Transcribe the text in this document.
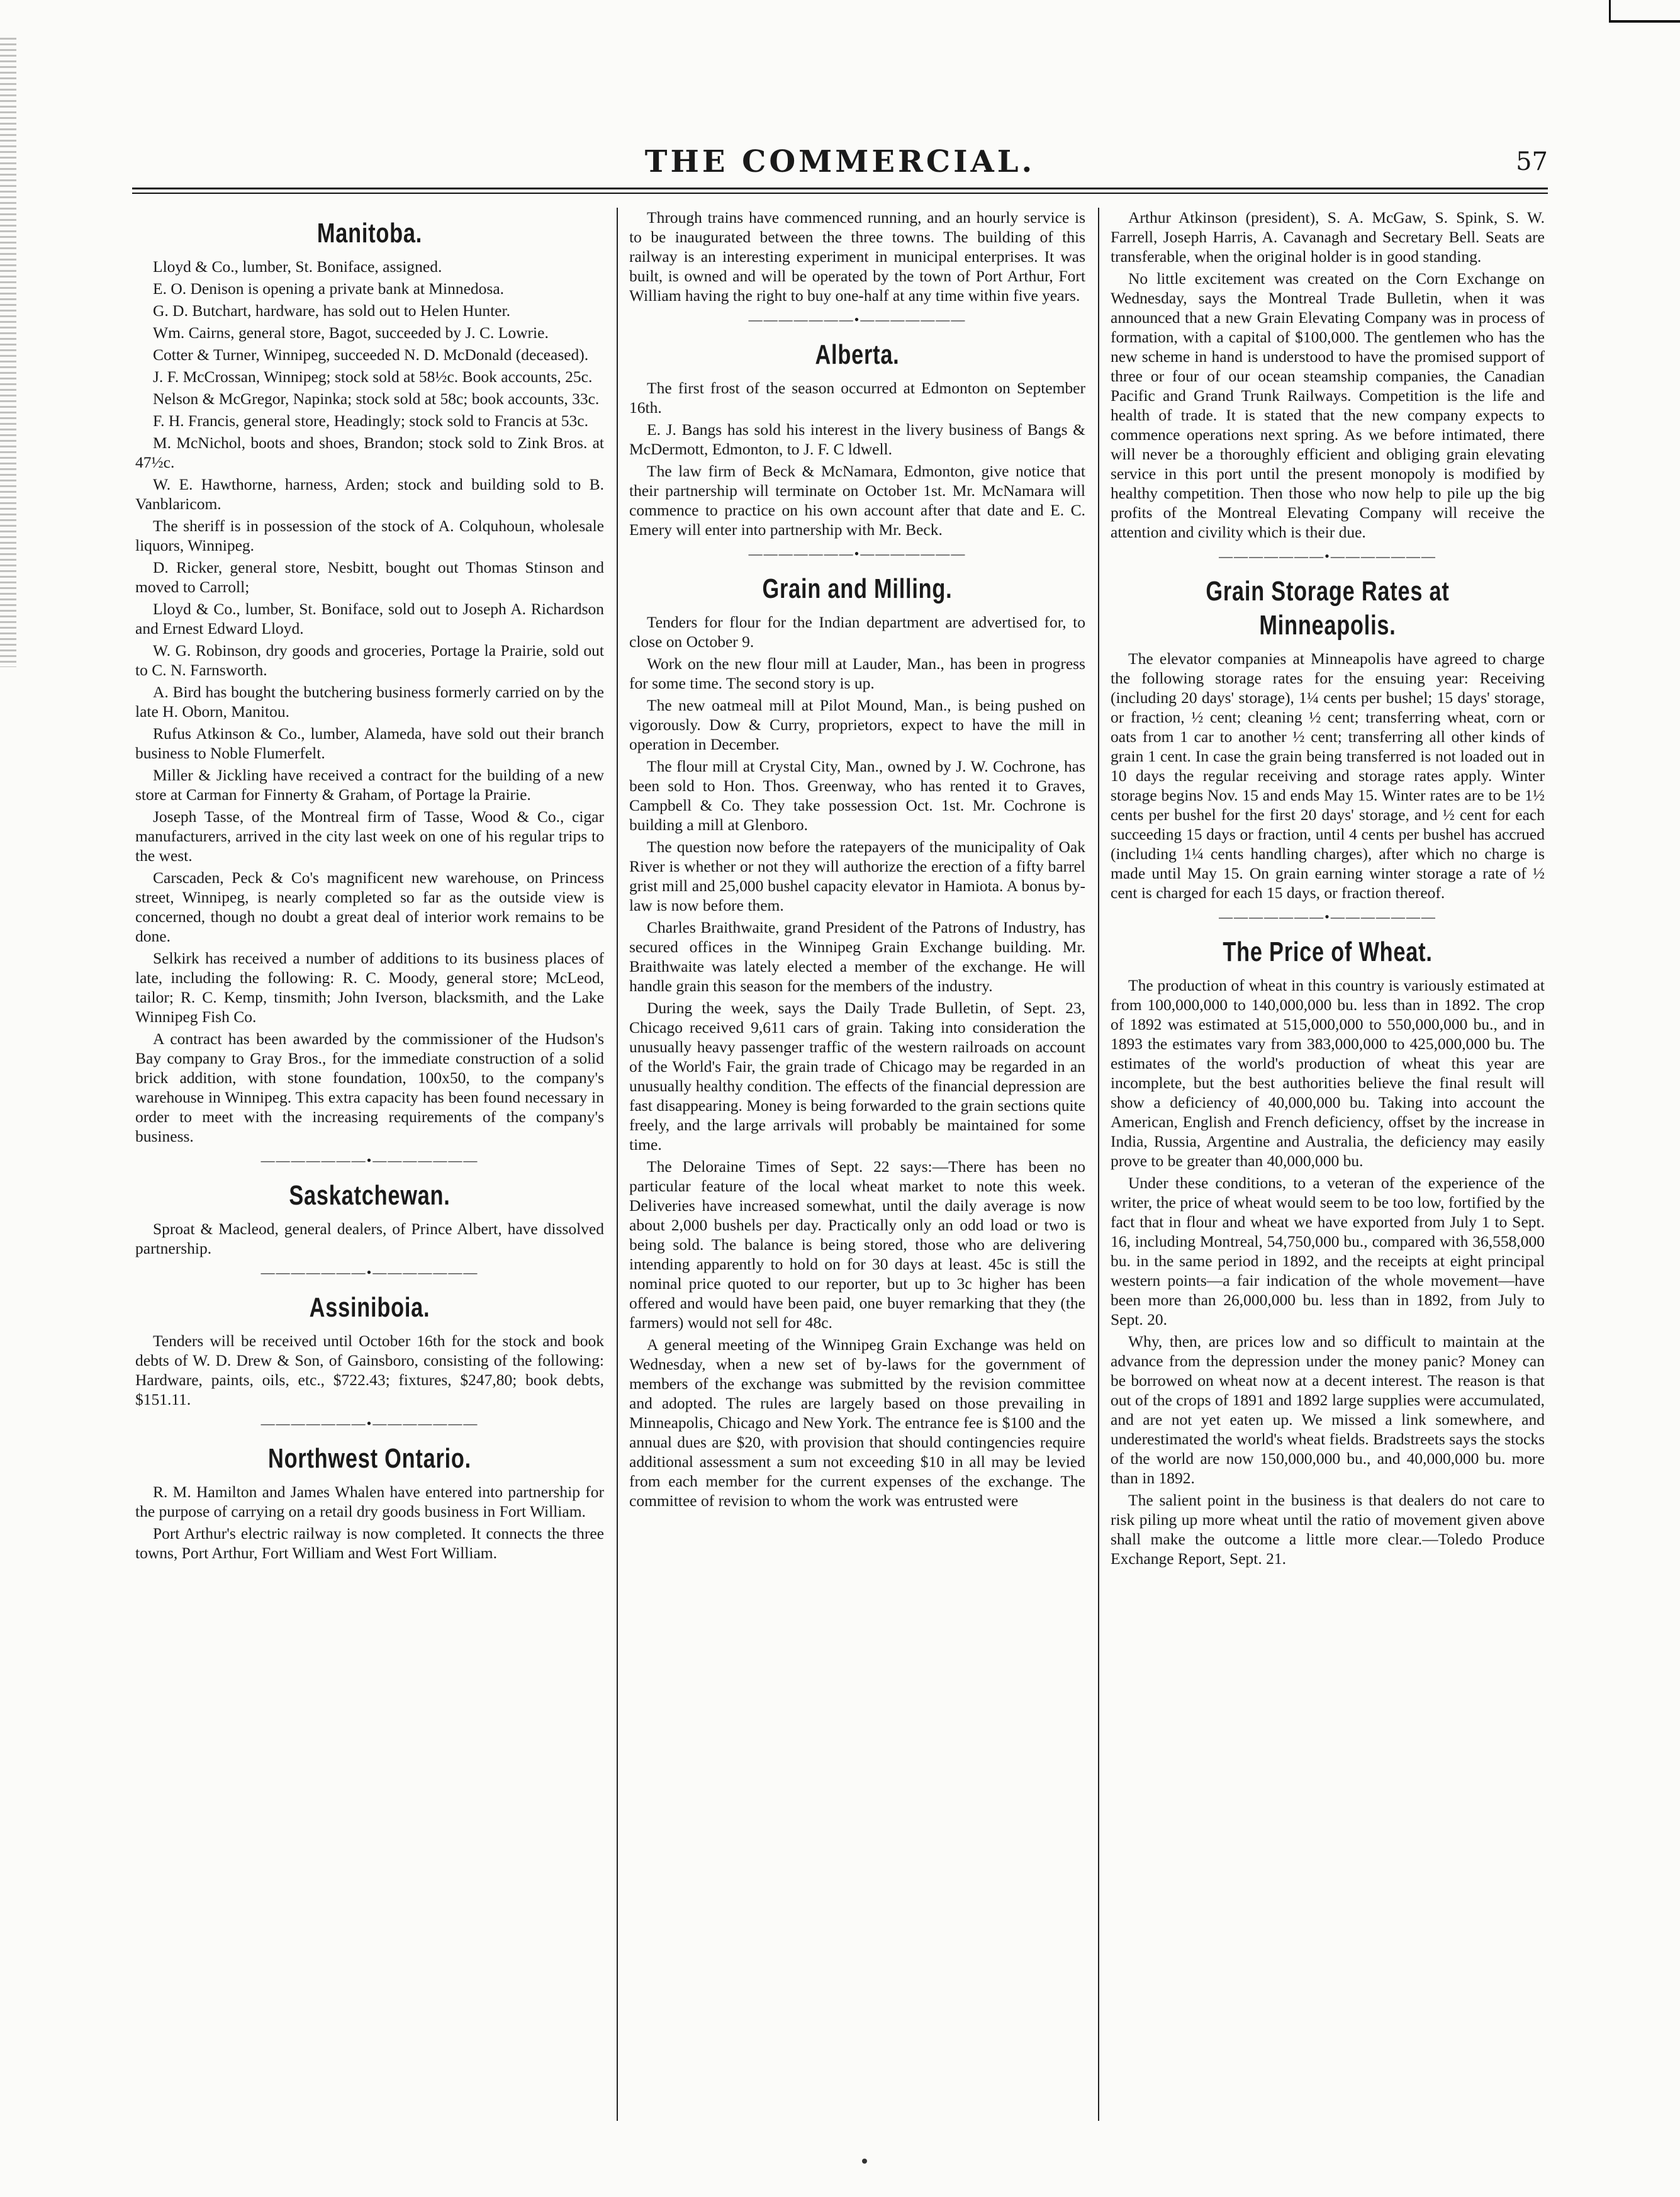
THE COMMERCIAL.	57
Manitoba.

Lloyd & Co., lumber, St. Boniface, assigned.

E. O. Denison is opening a private bank at Minnedosa.

G. D. Butchart, hardware, has sold out to Helen Hunter.

Wm. Cairns, general store, Bagot, succeeded by J. C. Lowrie.

Cotter & Turner, Winnipeg, succeeded N. D. McDonald (deceased).

J. F. McCrossan, Winnipeg; stock sold at 58½c. Book accounts, 25c.

Nelson & McGregor, Napinka; stock sold at 58c; book accounts, 33c.

F. H. Francis, general store, Headingly; stock sold to Francis at 53c.

M. McNichol, boots and shoes, Brandon; stock sold to Zink Bros. at 47½c.

W. E. Hawthorne, harness, Arden; stock and building sold to B. Vanblaricom.

The sheriff is in possession of the stock of A. Colquhoun, wholesale liquors, Winnipeg.

D. Ricker, general store, Nesbitt, bought out Thomas Stinson and moved to Carroll;

Lloyd & Co., lumber, St. Boniface, sold out to Joseph A. Richardson and Ernest Edward Lloyd.

W. G. Robinson, dry goods and groceries, Portage la Prairie, sold out to C. N. Farnsworth.

A. Bird has bought the butchering business formerly carried on by the late H. Oborn, Manitou.

Rufus Atkinson & Co., lumber, Alameda, have sold out their branch business to Noble Flumerfelt.

Miller & Jickling have received a contract for the building of a new store at Carman for Finnerty & Graham, of Portage la Prairie.

Joseph Tasse, of the Montreal firm of Tasse, Wood & Co., cigar manufacturers, arrived in the city last week on one of his regular trips to the west.

Carscaden, Peck & Co's magnificent new warehouse, on Princess street, Winnipeg, is nearly completed so far as the outside view is concerned, though no doubt a great deal of interior work remains to be done.

Selkirk has received a number of additions to its business places of late, including the following: R. C. Moody, general store; McLeod, tailor; R. C. Kemp, tinsmith; John Iverson, blacksmith, and the Lake Winnipeg Fish Co.

A contract has been awarded by the commissioner of the Hudson's Bay company to Gray Bros., for the immediate construction of a solid brick addition, with stone foundation, 100x50, to the company's warehouse in Winnipeg. This extra capacity has been found necessary in order to meet with the increasing requirements of the company's business.

—————
Saskatchewan.

Sproat & Macleod, general dealers, of Prince Albert, have dissolved partnership.

—————
Assiniboia.

Tenders will be received until October 16th for the stock and book debts of W. D. Drew & Son, of Gainsboro, consisting of the following: Hardware, paints, oils, etc., $722.43; fixtures, $247,80; book debts, $151.11.

—————
Northwest Ontario.

R. M. Hamilton and James Whalen have entered into partnership for the purpose of carrying on a retail dry goods business in Fort William.

Port Arthur's electric railway is now completed. It connects the three towns, Port Arthur, Fort William and West Fort William.

Through trains have commenced running, and an hourly service is to be inaugurated between the three towns. The building of this railway is an interesting experiment in municipal enterprises. It was built, is owned and will be operated by the town of Port Arthur, Fort William having the right to buy one-half at any time within five years.

—————
Alberta.

The first frost of the season occurred at Edmonton on September 16th.

E. J. Bangs has sold his interest in the livery business of Bangs & McDermott, Edmonton, to J. F. C ldwell.

The law firm of Beck & McNamara, Edmonton, give notice that their partnership will terminate on October 1st. Mr. McNamara will commence to practice on his own account after that date and E. C. Emery will enter into partnership with Mr. Beck.

—————
Grain and Milling.

Tenders for flour for the Indian department are advertised for, to close on October 9.

Work on the new flour mill at Lauder, Man., has been in progress for some time. The second story is up.

The new oatmeal mill at Pilot Mound, Man., is being pushed on vigorously. Dow & Curry, proprietors, expect to have the mill in operation in December.

The flour mill at Crystal City, Man., owned by J. W. Cochrone, has been sold to Hon. Thos. Greenway, who has rented it to Graves, Campbell & Co. They take possession Oct. 1st. Mr. Cochrone is building a mill at Glenboro.

The question now before the ratepayers of the municipality of Oak River is whether or not they will authorize the erection of a fifty barrel grist mill and 25,000 bushel capacity elevator in Hamiota. A bonus by-law is now before them.

Charles Braithwaite, grand President of the Patrons of Industry, has secured offices in the Winnipeg Grain Exchange building. Mr. Braithwaite was lately elected a member of the exchange. He will handle grain this season for the members of the industry.

During the week, says the Daily Trade Bulletin, of Sept. 23, Chicago received 9,611 cars of grain. Taking into consideration the unusually heavy passenger traffic of the western railroads on account of the World's Fair, the grain trade of Chicago may be regarded in an unusually healthy condition. The effects of the financial depression are fast disappearing. Money is being forwarded to the grain sections quite freely, and the large arrivals will probably be maintained for some time.

The Deloraine Times of Sept. 22 says:—There has been no particular feature of the local wheat market to note this week. Deliveries have increased somewhat, until the daily average is now about 2,000 bushels per day. Practically only an odd load or two is being sold. The balance is being stored, those who are delivering intending apparently to hold on for 30 days at least. 45c is still the nominal price quoted to our reporter, but up to 3c higher has been offered and would have been paid, one buyer remarking that they (the farmers) would not sell for 48c.

A general meeting of the Winnipeg Grain Exchange was held on Wednesday, when a new set of by-laws for the government of members of the exchange was submitted by the revision committee and adopted. The rules are largely based on those prevailing in Minneapolis, Chicago and New York. The entrance fee is $100 and the annual dues are $20, with provision that should contingencies require additional assessment a sum not exceeding $10 in all may be levied from each member for the current expenses of the exchange. The committee of revision to whom the work was entrusted were

Arthur Atkinson (president), S. A. McGaw, S. Spink, S. W. Farrell, Joseph Harris, A. Cavanagh and Secretary Bell. Seats are transferable, when the original holder is in good standing.

No little excitement was created on the Corn Exchange on Wednesday, says the Montreal Trade Bulletin, when it was announced that a new Grain Elevating Company was in process of formation, with a capital of $100,000. The gentlemen who has the new scheme in hand is understood to have the promised support of three or four of our ocean steamship companies, the Canadian Pacific and Grand Trunk Railways. Competition is the life and health of trade. It is stated that the new company expects to commence operations next spring. As we before intimated, there will never be a thoroughly efficient and obliging grain elevating service in this port until the present monopoly is modified by healthy competition. Then those who now help to pile up the big profits of the Montreal Elevating Company will receive the attention and civility which is their due.

—————
Grain Storage Rates at Minneapolis.

The elevator companies at Minneapolis have agreed to charge the following storage rates for the ensuing year: Receiving (including 20 days' storage), 1¼ cents per bushel; 15 days' storage, or fraction, ½ cent; cleaning ½ cent; transferring wheat, corn or oats from 1 car to another ½ cent; transferring all other kinds of grain 1 cent. In case the grain being transferred is not loaded out in 10 days the regular receiving and storage rates apply. Winter storage begins Nov. 15 and ends May 15. Winter rates are to be 1½ cents per bushel for the first 20 days' storage, and ½ cent for each succeeding 15 days or fraction, until 4 cents per bushel has accrued (including 1¼ cents handling charges), after which no charge is made until May 15. On grain earning winter storage a rate of ½ cent is charged for each 15 days, or fraction thereof.

—————
The Price of Wheat.

The production of wheat in this country is variously estimated at from 100,000,000 to 140,000,000 bu. less than in 1892. The crop of 1892 was estimated at 515,000,000 to 550,000,000 bu., and in 1893 the estimates vary from 383,000,000 to 425,000,000 bu. The estimates of the world's production of wheat this year are incomplete, but the best authorities believe the final result will show a deficiency of 40,000,000 bu. Taking into account the American, English and French deficiency, offset by the increase in India, Russia, Argentine and Australia, the deficiency may easily prove to be greater than 40,000,000 bu.

Under these conditions, to a veteran of the experience of the writer, the price of wheat would seem to be too low, fortified by the fact that in flour and wheat we have exported from July 1 to Sept. 16, including Montreal, 54,750,000 bu., compared with 36,558,000 bu. in the same period in 1892, and the receipts at eight principal western points—a fair indication of the whole movement—have been more than 26,000,000 bu. less than in 1892, from July to Sept. 20.

Why, then, are prices low and so difficult to maintain at the advance from the depression under the money panic? Money can be borrowed on wheat now at a decent interest. The reason is that out of the crops of 1891 and 1892 large supplies were accumulated, and are not yet eaten up. We missed a link somewhere, and underestimated the world's wheat fields. Bradstreets says the stocks of the world are now 150,000,000 bu., and 40,000,000 bu. more than in 1892.

The salient point in the business is that dealers do not care to risk piling up more wheat until the ratio of movement given above shall make the outcome a little more clear.—Toledo Produce Exchange Report, Sept. 21.
